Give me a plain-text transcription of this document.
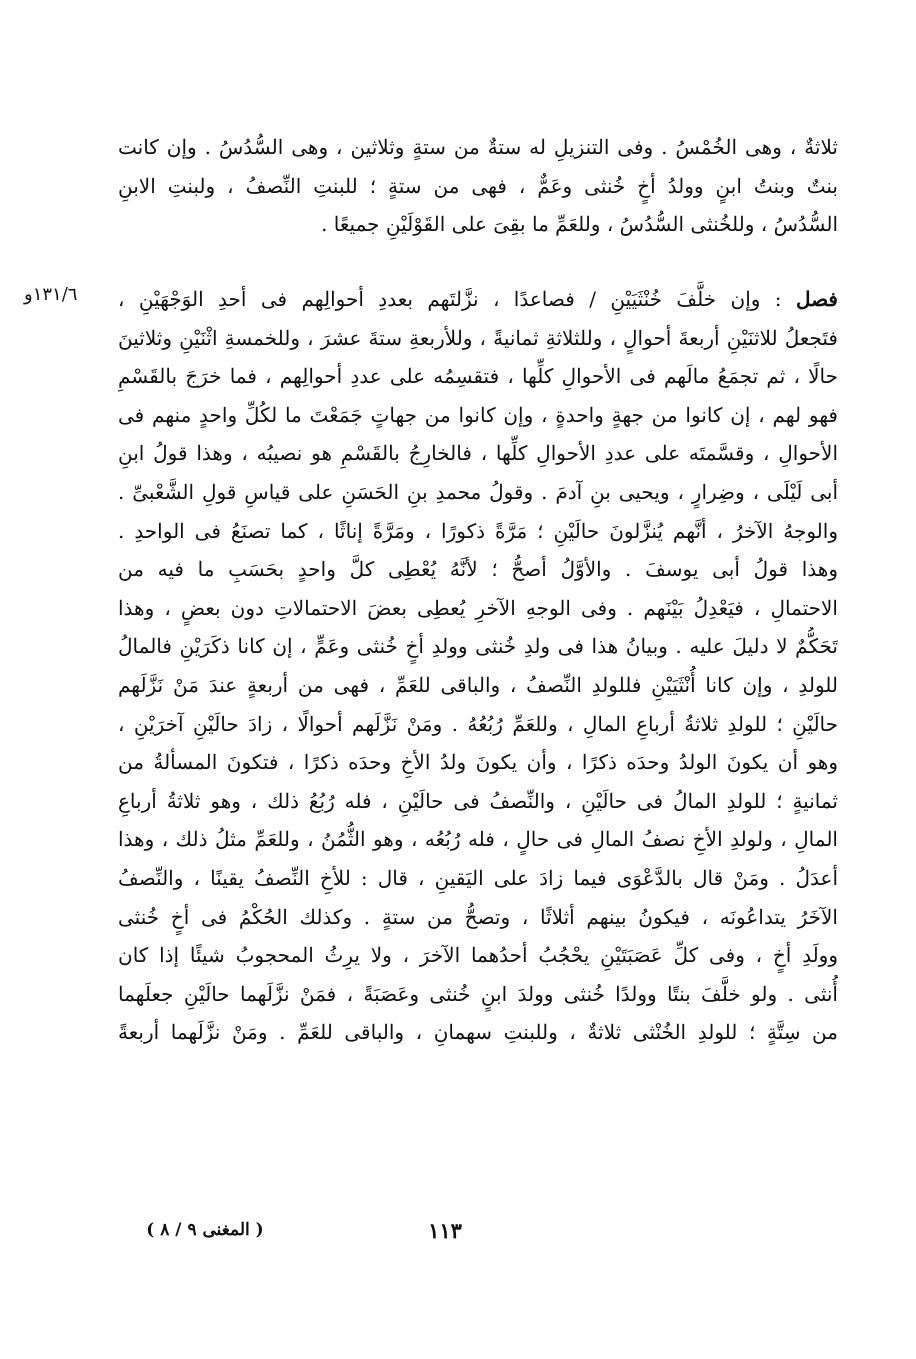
ثلاثةٌ ، وهى الخُمْسُ . وفى التنزيلِ له ستةٌ من ستةٍ وثلاثين ، وهى السُّدُسُ . وإن كانت
بنتٌ وبنتُ ابنٍ وولدُ أخٍ خُنثى وعَمٌّ ، فهى من ستةٍ ؛ للبنتِ النِّصفُ ، ولبنتِ الابنِ
السُّدُسُ ، وللخُنثى السُّدُسُ ، وللعَمِّ ما بقِىَ على القَوْلَيْنِ جميعًا .
١٣١/٦و	فصل : وإن خلَّفَ خُنْثَيَيْنِ / فصاعدًا ، نزَّلتَهم بعددِ أحوالِهم فى أحدِ الوَجْهَيْنِ ،
فتَجعلُ للاثنَيْنِ أربعةَ أحوالٍ ، وللثلاثةِ ثمانيةً ، وللأربعةِ ستةَ عشرَ ، وللخمسةِ اثْنَيْنِ وثلاثينَ
حالًا ، ثم تجمَعُ مالَهم فى الأحوالِ كلِّها ، فتقسِمُه على عددِ أحوالِهم ، فما خرَجَ بالقَسْمِ
فهو لهم ، إن كانوا من جهةٍ واحدةٍ ، وإن كانوا من جهاتٍ جَمَعْتَ ما لكُلِّ واحدٍ منهم فى
الأحوالِ ، وقسَّمتَه على عددِ الأحوالِ كلِّها ، فالخارِجُ بالقَسْمِ هو نصيبُه ، وهذا قولُ ابنِ
أبى لَيْلَى ، وضِرارٍ ، ويحيى بنِ آدمَ . وقولُ محمدِ بنِ الحَسَنِ على قياسِ قولِ الشَّعْبىِّ .
والوجهُ الآخرُ ، أنَّهم يُنزَّلونَ حالَيْنِ ؛ مَرَّةً ذكورًا ، ومَرَّةً إناثًا ، كما تصنَعُ فى الواحدِ .
وهذا قولُ أبى يوسفَ . والأوَّلُ أصحُّ ؛ لأنَّهُ يُعْطِى كلَّ واحدٍ بحَسَبِ ما فيه من
الاحتمالِ ، فيَعْدِلُ بَيْنَهم . وفى الوجهِ الآخرِ يُعطِى بعضَ الاحتمالاتِ دون بعضٍ ، وهذا
تَحَكُّمٌ لا دليلَ عليه . وبيانُ هذا فى ولدِ خُنثى وولدِ أخٍ خُنثى وعَمٍّ ، إن كانا ذكَرَيْنِ فالمالُ
للولدِ ، وإن كانا أُنْثَيَيْنِ فللولدِ النِّصفُ ، والباقى للعَمِّ ، فهى من أربعةٍ عندَ مَنْ نَزَّلَهم
حالَيْنِ ؛ للولدِ ثلاثةُ أرباعِ المالِ ، وللعَمِّ رُبُعُهُ . ومَنْ نَزَّلَهم أحوالًا ، زادَ حالَيْنِ آخرَيْنِ ،
وهو أن يكونَ الولدُ وحدَه ذكرًا ، وأن يكونَ ولدُ الأخِ وحدَه ذكرًا ، فتكونَ المسألةُ من
ثمانيةٍ ؛ للولدِ المالُ فى حالَيْنِ ، والنِّصفُ فى حالَيْنِ ، فله رُبُعُ ذلك ، وهو ثلاثةُ أرباعِ
المالِ ، ولولدِ الأخِ نصفُ المالِ فى حالٍ ، فله رُبُعُه ، وهو الثُّمُنُ ، وللعَمِّ مثلُ ذلك ، وهذا
أعدَلُ . ومَنْ قال بالدَّعْوَى فيما زادَ على اليَقينِ ، قال : للأخِ النِّصفُ يقينًا ، والنِّصفُ
الآخَرُ يتداعُونَه ، فيكونُ بينهم أثلاثًا ، وتصحُّ من ستةٍ . وكذلك الحُكْمُ فى أخٍ خُنثى
وولَدِ أخٍ ، وفى كلِّ عَصَبَتَيْنِ يحْجُبُ أحدُهما الآخرَ ، ولا يرِثُ المحجوبُ شيئًا إذا كان
أُنثى . ولو خلَّفَ بنتًا وولدًا خُنثى وولدَ ابنٍ خُنثى وعَصَبَةً ، فمَنْ نزَّلَهما حالَيْنِ جعلَهما
من سِتَّةٍ ؛ للولدِ الخُنْثى ثلاثةٌ ، وللبنتِ سهمانِ ، والباقى للعَمِّ . ومَنْ نزَّلَهما أربعةً
١١٣
( المغنى ٩ / ٨ )
